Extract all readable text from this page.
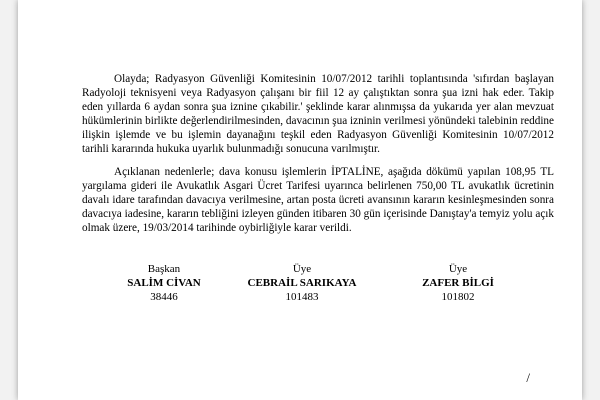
Olayda; Radyasyon Güvenliği Komitesinin 10/07/2012 tarihli toplantısında 'sıfırdan başlayan Radyoloji teknisyeni veya Radyasyon çalışanı bir fiil 12 ay çalıştıktan sonra şua izni hak eder. Takip eden yıllarda 6 aydan sonra şua iznine çıkabilir.' şeklinde karar alınmışsa da yukarıda yer alan mevzuat hükümlerinin birlikte değerlendirilmesinden, davacının şua izninin verilmesi yönündeki talebinin reddine ilişkin işlemde ve bu işlemin dayanağını teşkil eden Radyasyon Güvenliği Komitesinin 10/07/2012 tarihli kararında hukuka uyarlık bulunmadığı sonucuna varılmıştır.

Açıklanan nedenlerle; dava konusu işlemlerin İPTALİNE, aşağıda dökümü yapılan 108,95 TL yargılama gideri ile Avukatlık Asgari Ücret Tarifesi uyarınca belirlenen 750,00 TL avukatlık ücretinin davalı idare tarafından davacıya verilmesine, artan posta ücreti avansının kararın kesinleşmesinden sonra davacıya iadesine, kararın tebliğini izleyen günden itibaren 30 gün içerisinde Danıştay'a temyiz yolu açık olmak üzere, 19/03/2014 tarihinde oybirliğiyle karar verildi.

Başkan
SALİM CİVAN
38446
Üye
CEBRAİL SARIKAYA
101483
Üye
ZAFER BİLGİ
101802
/
